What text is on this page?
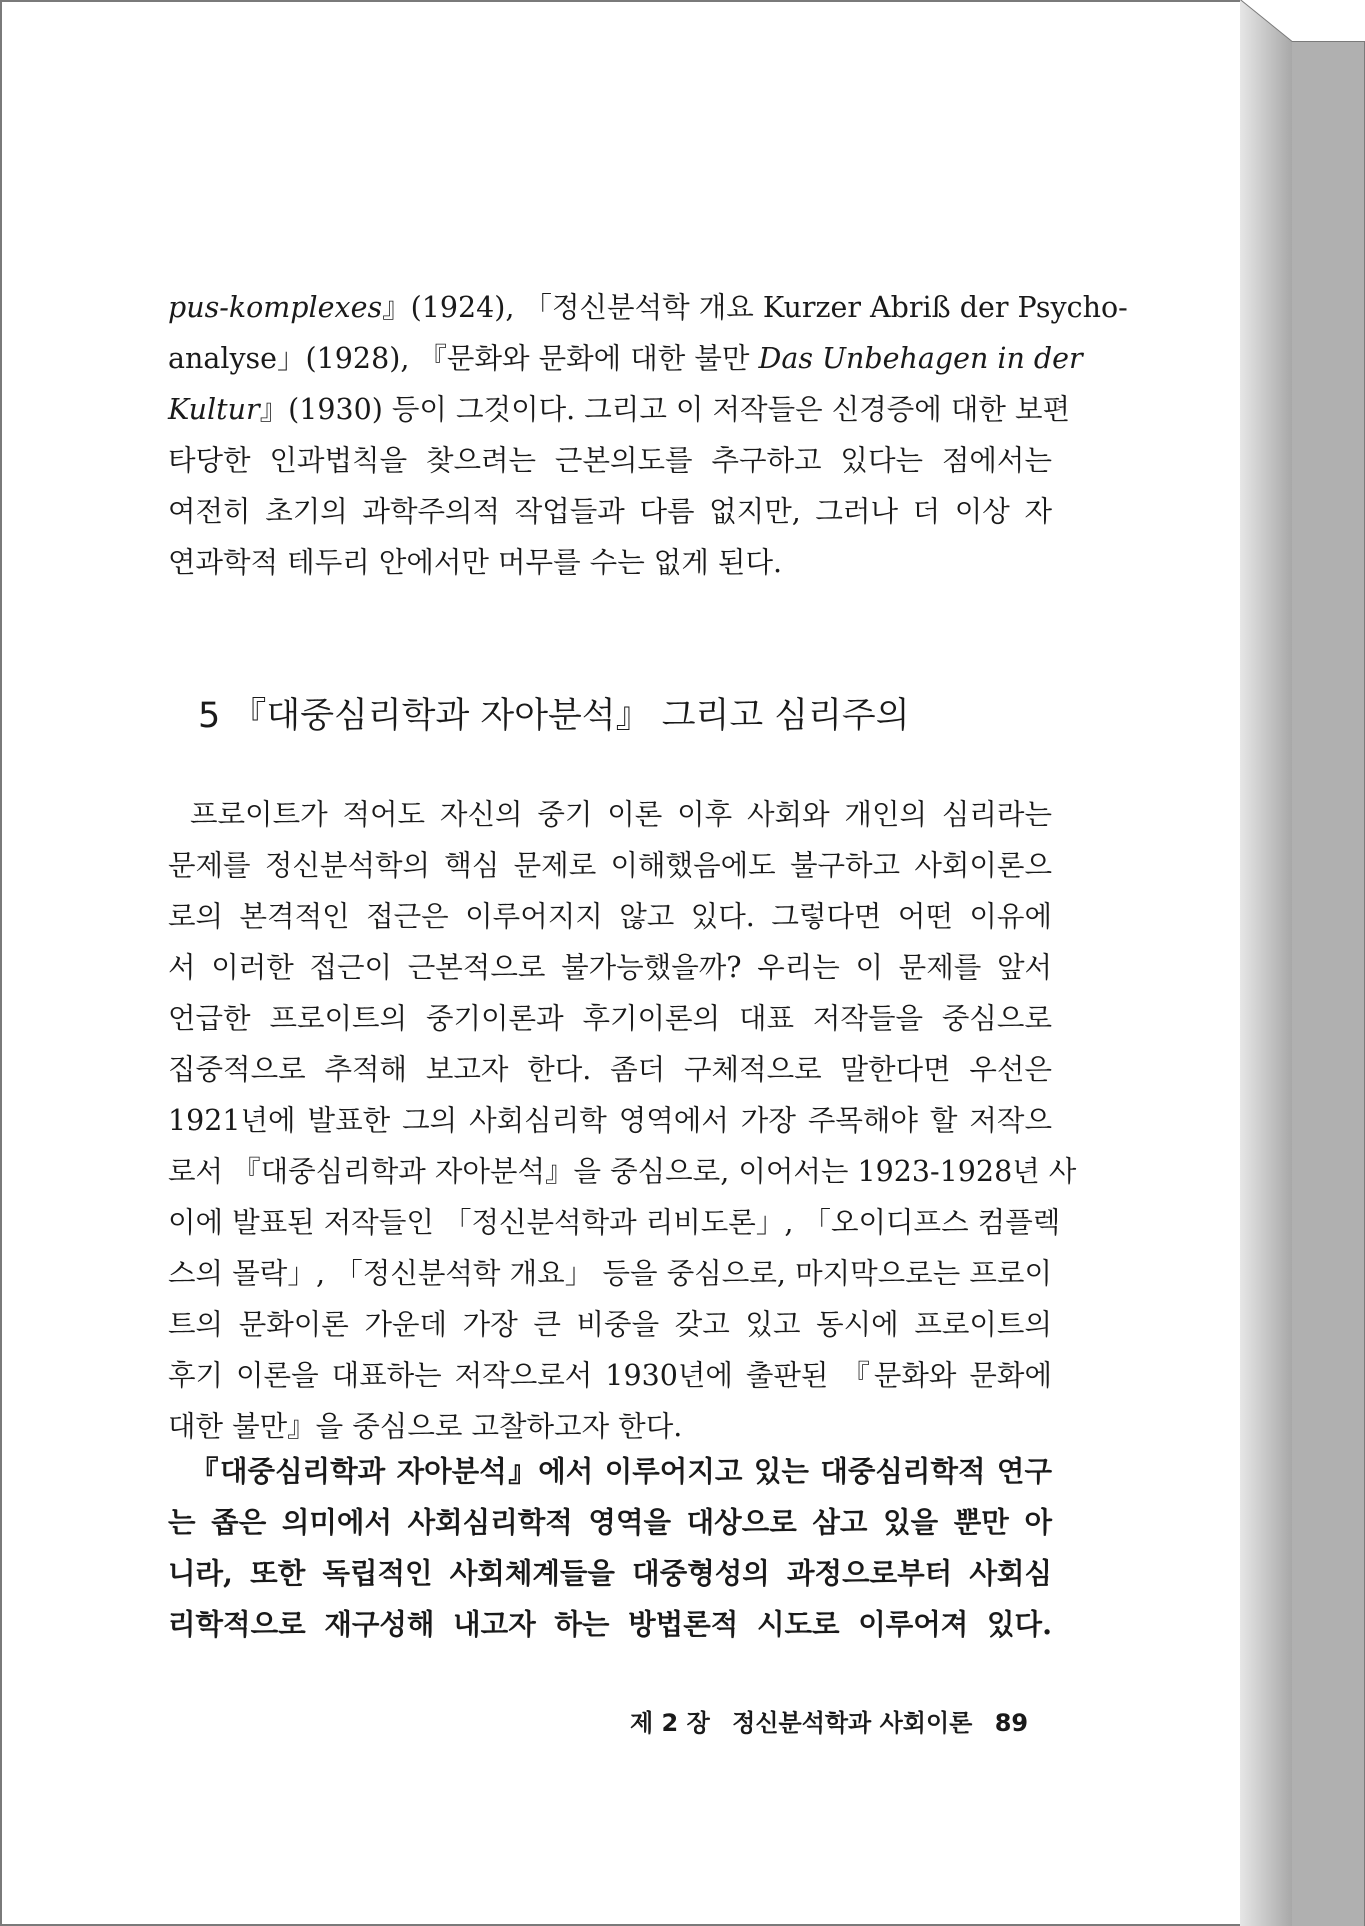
pus-komplexes』(1924), 「정신분석학 개요 Kurzer Abriß der Psycho-
analyse」(1928), 『문화와 문화에 대한 불만 Das Unbehagen in der
Kultur』(1930) 등이 그것이다. 그리고 이 저작들은 신경증에 대한 보편
타당한 인과법칙을 찾으려는 근본의도를 추구하고 있다는 점에서는
여전히 초기의 과학주의적 작업들과 다름 없지만, 그러나 더 이상 자
연과학적 테두리 안에서만 머무를 수는 없게 된다.
5 『대중심리학과 자아분석』 그리고 심리주의
프로이트가 적어도 자신의 중기 이론 이후 사회와 개인의 심리라는
문제를 정신분석학의 핵심 문제로 이해했음에도 불구하고 사회이론으
로의 본격적인 접근은 이루어지지 않고 있다. 그렇다면 어떤 이유에
서 이러한 접근이 근본적으로 불가능했을까? 우리는 이 문제를 앞서
언급한 프로이트의 중기이론과 후기이론의 대표 저작들을 중심으로
집중적으로 추적해 보고자 한다. 좀더 구체적으로 말한다면 우선은
1921년에 발표한 그의 사회심리학 영역에서 가장 주목해야 할 저작으
로서 『대중심리학과 자아분석』을 중심으로, 이어서는 1923-1928년 사
이에 발표된 저작들인 「정신분석학과 리비도론」, 「오이디프스 컴플렉
스의 몰락」, 「정신분석학 개요」 등을 중심으로, 마지막으로는 프로이
트의 문화이론 가운데 가장 큰 비중을 갖고 있고 동시에 프로이트의
후기 이론을 대표하는 저작으로서 1930년에 출판된 『문화와 문화에
대한 불만』을 중심으로 고찰하고자 한다.
『대중심리학과 자아분석』에서 이루어지고 있는 대중심리학적 연구
는 좁은 의미에서 사회심리학적 영역을 대상으로 삼고 있을 뿐만 아
니라, 또한 독립적인 사회체계들을 대중형성의 과정으로부터 사회심
리학적으로 재구성해 내고자 하는 방법론적 시도로 이루어져 있다.
제 2 장 정신분석학과 사회이론 89
